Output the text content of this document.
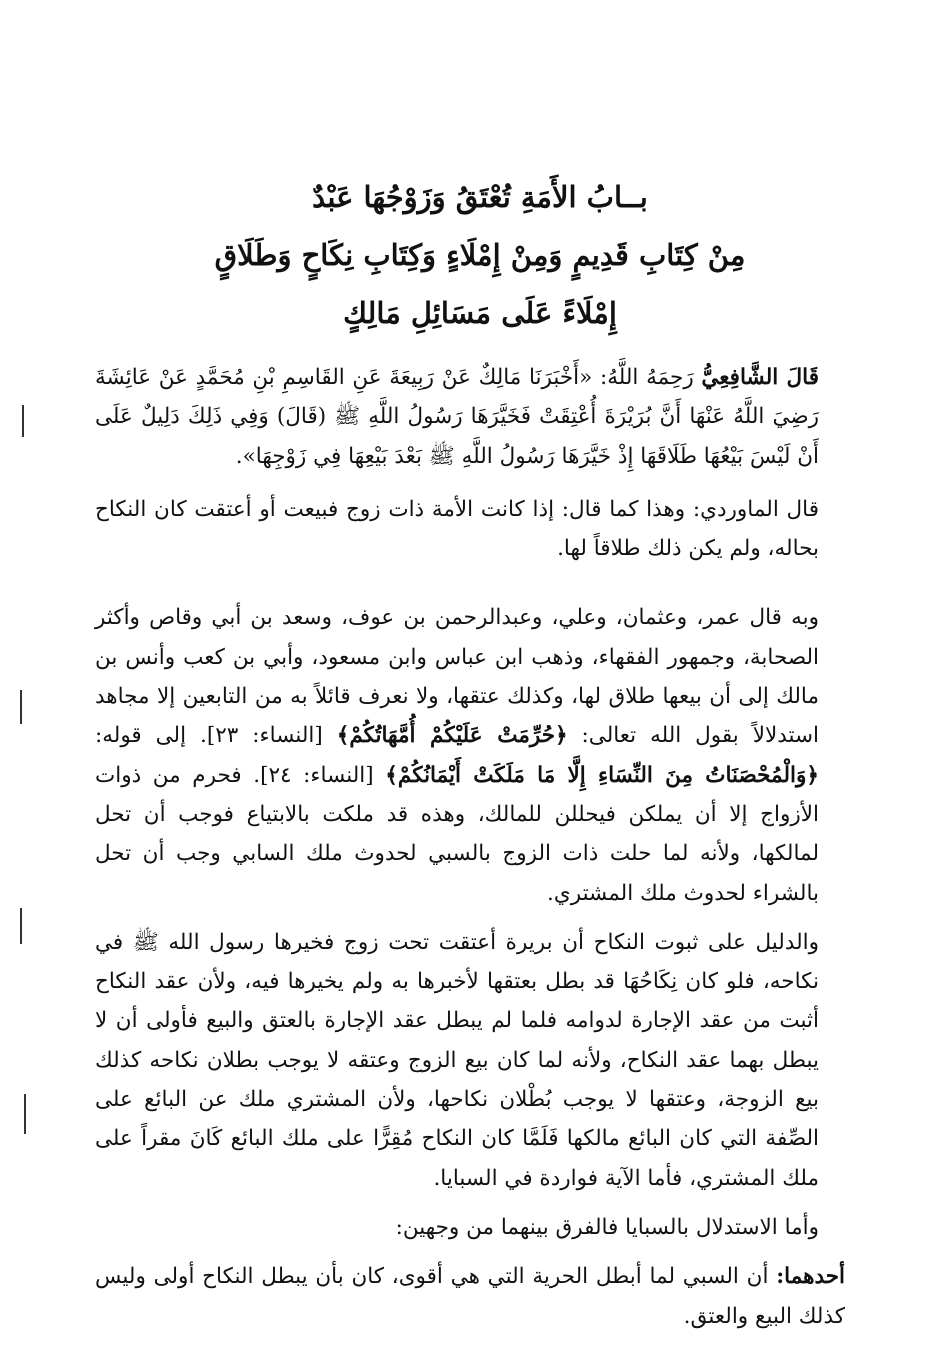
بــابُ الأَمَةِ تُعْتَقُ وَزَوْجُهَا عَبْدٌ
مِنْ كِتَابِ قَدِيمٍ وَمِنْ إِمْلَاءٍ وَكِتَابِ نِكَاحٍ وَطَلَاقٍ
إِمْلَاءً عَلَى مَسَائِلِ مَالِكٍ

قَالَ الشَّافِعِيُّ رَحِمَهُ اللَّهُ: «أَخْبَرَنَا مَالِكٌ عَنْ رَبِيعَةَ عَنِ القَاسِمِ بْنِ مُحَمَّدٍ عَنْ عَائِشَةَ رَضِيَ اللَّهُ عَنْهَا أَنَّ بُرَيْرَةَ أُعْتِقَتْ فَخَيَّرَهَا رَسُولُ اللَّهِ ﷺ (قَالَ) وَفِي ذَلِكَ دَلِيلٌ عَلَى أَنْ لَيْسَ بَيْعُهَا طَلَاقَهَا إِذْ خَيَّرَهَا رَسُولُ اللَّهِ ﷺ بَعْدَ بَيْعِهَا فِي زَوْجِهَا».

قال الماوردي: وهذا كما قال: إذا كانت الأمة ذات زوج فبيعت أو أعتقت كان النكاح بحاله، ولم يكن ذلك طلاقاً لها.

وبه قال عمر، وعثمان، وعلي، وعبدالرحمن بن عوف، وسعد بن أبي وقاص وأكثر الصحابة، وجمهور الفقهاء، وذهب ابن عباس وابن مسعود، وأبي بن كعب وأنس بن مالك إلى أن بيعها طلاق لها، وكذلك عتقها، ولا نعرف قائلاً به من التابعين إلا مجاهد استدلالاً بقول الله تعالى: ﴿حُرِّمَتْ عَلَيْكُمْ أُمَّهَاتُكُمْ﴾ [النساء: ٢٣]. إلى قوله: ﴿وَالْمُحْصَنَاتُ مِنَ النِّسَاءِ إِلَّا مَا مَلَكَتْ أَيْمَانُكُمْ﴾ [النساء: ٢٤]. فحرم من ذوات الأزواج إلا أن يملكن فيحللن للمالك، وهذه قد ملكت بالابتياع فوجب أن تحل لمالكها، ولأنه لما حلت ذات الزوج بالسبي لحدوث ملك السابي وجب أن تحل بالشراء لحدوث ملك المشتري.

والدليل على ثبوت النكاح أن بريرة أعتقت تحت زوج فخيرها رسول الله ﷺ في نكاحه، فلو كان نِكَاحُهَا قد بطل بعتقها لأخبرها به ولم يخيرها فيه، ولأن عقد النكاح أثبت من عقد الإجارة لدوامه فلما لم يبطل عقد الإجارة بالعتق والبيع فأولى أن لا يبطل بهما عقد النكاح، ولأنه لما كان بيع الزوج وعتقه لا يوجب بطلان نكاحه كذلك بيع الزوجة، وعتقها لا يوجب بُطْلان نكاحها، ولأن المشتري ملك عن البائع على الصِّفة التي كان البائع مالكها فَلَمَّا كان النكاح مُقِرًّا على ملك البائع كَانَ مقراً على ملك المشتري، فأما الآية فواردة في السبايا.

وأما الاستدلال بالسبايا فالفرق بينهما من وجهين:

أحدهما: أن السبي لما أبطل الحرية التي هي أقوى، كان بأن يبطل النكاح أولى وليس كذلك البيع والعتق.
